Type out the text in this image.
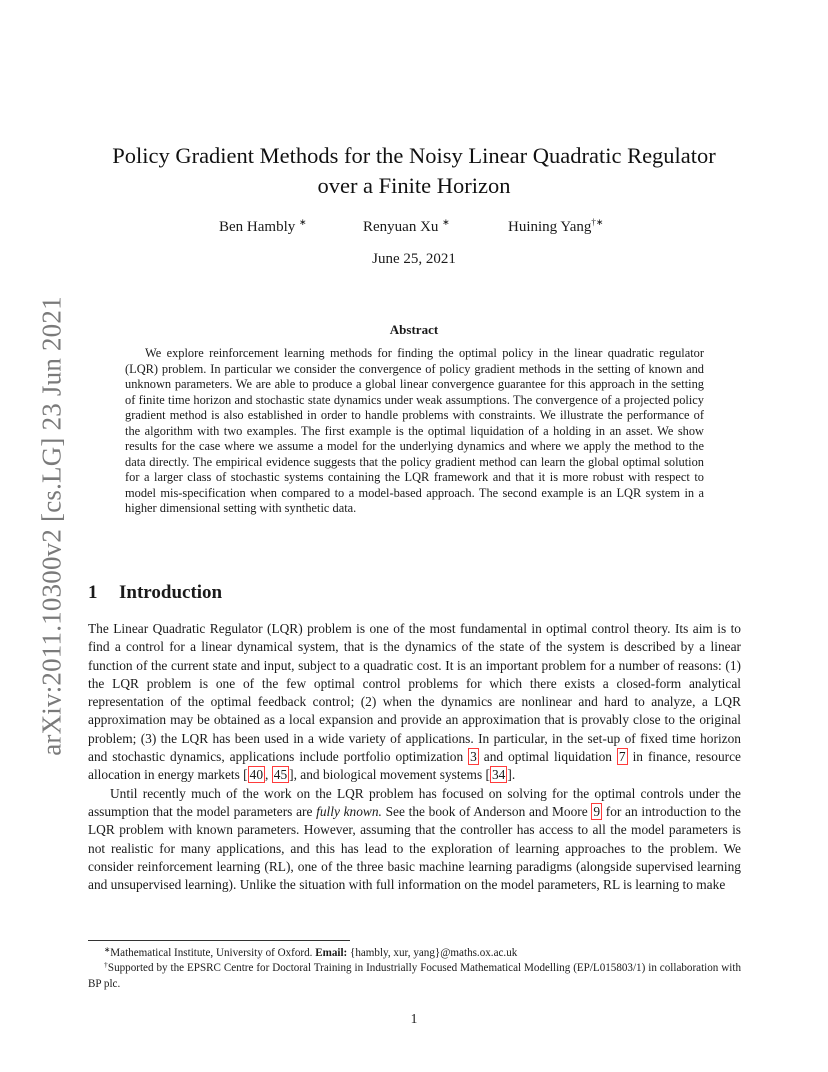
arXiv:2011.10300v2 [cs.LG] 23 Jun 2021
Policy Gradient Methods for the Noisy Linear Quadratic Regulator
over a Finite Horizon
Ben Hambly ∗	Renyuan Xu ∗	Huining Yang†∗
June 25, 2021
Abstract
We explore reinforcement learning methods for finding the optimal policy in the linear quadratic regulator (LQR) problem. In particular we consider the convergence of policy gradient methods in the setting of known and unknown parameters. We are able to produce a global linear convergence guarantee for this approach in the setting of finite time horizon and stochastic state dynamics under weak assumptions. The convergence of a projected policy gradient method is also established in order to handle problems with constraints. We illustrate the performance of the algorithm with two examples. The first example is the optimal liquidation of a holding in an asset. We show results for the case where we assume a model for the underlying dynamics and where we apply the method to the data directly. The empirical evidence suggests that the policy gradient method can learn the global optimal solution for a larger class of stochastic systems containing the LQR framework and that it is more robust with respect to model mis-specification when compared to a model-based approach. The second example is an LQR system in a higher dimensional setting with synthetic data.
1 Introduction

The Linear Quadratic Regulator (LQR) problem is one of the most fundamental in optimal control theory. Its aim is to find a control for a linear dynamical system, that is the dynamics of the state of the system is described by a linear function of the current state and input, subject to a quadratic cost. It is an important problem for a number of reasons: (1) the LQR problem is one of the few optimal control problems for which there exists a closed-form analytical representation of the optimal feedback control; (2) when the dynamics are nonlinear and hard to analyze, a LQR approximation may be obtained as a local expansion and provide an approximation that is provably close to the original problem; (3) the LQR has been used in a wide variety of applications. In particular, in the set-up of fixed time horizon and stochastic dynamics, applications include portfolio optimization 3 and optimal liquidation 7 in finance, resource allocation in energy markets [ 40 , 45 ], and biological movement systems [ 34 ].

Until recently much of the work on the LQR problem has focused on solving for the optimal controls under the assumption that the model parameters are fully known. See the book of Anderson and Moore 9 for an introduction to the LQR problem with known parameters. However, assuming that the controller has access to all the model parameters is not realistic for many applications, and this has lead to the exploration of learning approaches to the problem. We consider reinforcement learning (RL), one of the three basic machine learning paradigms (alongside supervised learning and unsupervised learning). Unlike the situation with full information on the model parameters, RL is learning to make

∗Mathematical Institute, University of Oxford. Email: {hambly, xur, yang}@maths.ox.ac.uk
†Supported by the EPSRC Centre for Doctoral Training in Industrially Focused Mathematical Modelling (EP/L015803/1) in collaboration with BP plc.
1
